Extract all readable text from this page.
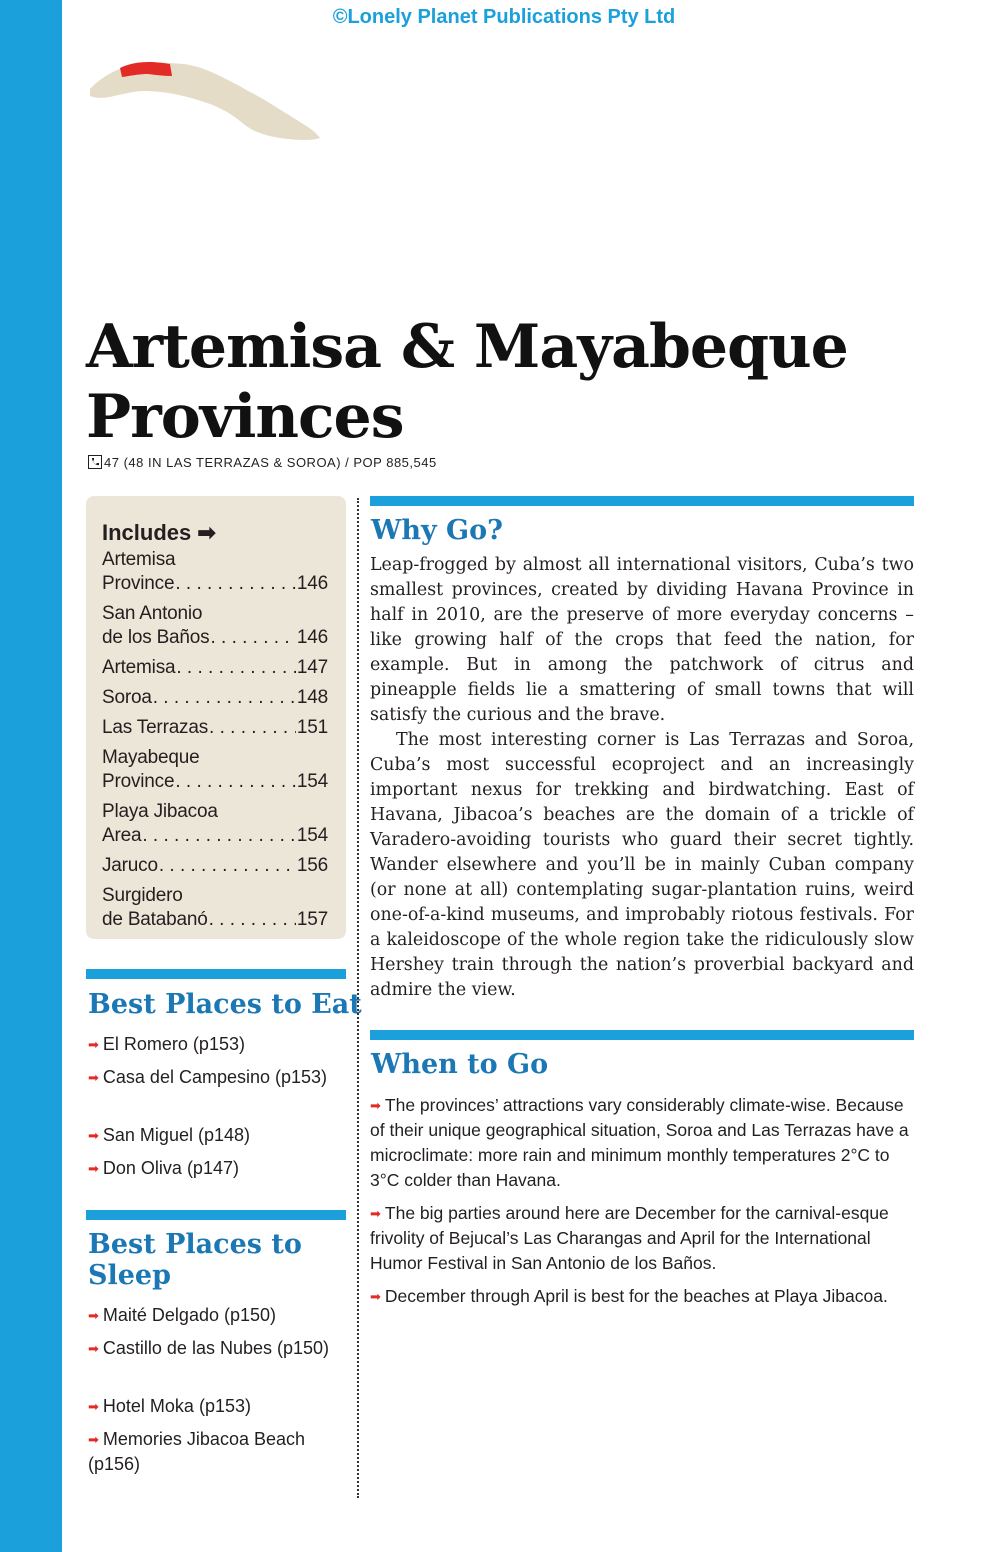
©Lonely Planet Publications Pty Ltd
Artemisa & Mayabeque
Provinces
47 (48 IN LAS TERRAZAS & SOROA) / POP 885,545
Includes ➡
Artemisa
Province . . .	146
San Antonio
de los Baños . . .	146
Artemisa . . .	147
Soroa . . .	148
Las Terrazas . . .	151
Mayabeque
Province . . .	154
Playa Jibacoa
Area . . .	154
Jaruco . . .	156
Surgidero
de Batabanó . . .	157
Best Places to Eat
➡ El Romero (p153)
➡ Casa del Campesino (p153)
➡ San Miguel (p148)
➡ Don Oliva (p147)
Best Places to
Sleep
➡ Maité Delgado (p150)
➡ Castillo de las Nubes (p150)
➡ Hotel Moka (p153)
➡ Memories Jibacoa Beach (p156)
Why Go?

Leap-frogged by almost all international visitors, Cuba’s two smallest provinces, created by dividing Havana Province in half in 2010, are the preserve of more everyday concerns – like growing half of the crops that feed the nation, for example. But in among the patchwork of citrus and pineapple fields lie a smattering of small towns that will satisfy the curious and the brave.

The most interesting corner is Las Terrazas and Soroa, Cuba’s most successful ecoproject and an increasingly important nexus for trekking and birdwatching. East of Havana, Jibacoa’s beaches are the domain of a trickle of Varadero-avoiding tourists who guard their secret tightly. Wander elsewhere and you’ll be in mainly Cuban company (or none at all) contemplating sugar-plantation ruins, weird one-of-a-kind museums, and improbably riotous festivals. For a kaleidoscope of the whole region take the ridiculously slow Hershey train through the nation’s proverbial backyard and admire the view.

When to Go
➡ The provinces’ attractions vary considerably climate-wise. Because of their unique geographical situation, Soroa and Las Terrazas have a microclimate: more rain and minimum monthly temperatures 2°C to 3°C colder than Havana.
➡ The big parties around here are December for the carnival-esque frivolity of Bejucal’s Las Charangas and April for the International Humor Festival in San Antonio de los Baños.
➡ December through April is best for the beaches at Playa Jibacoa.
